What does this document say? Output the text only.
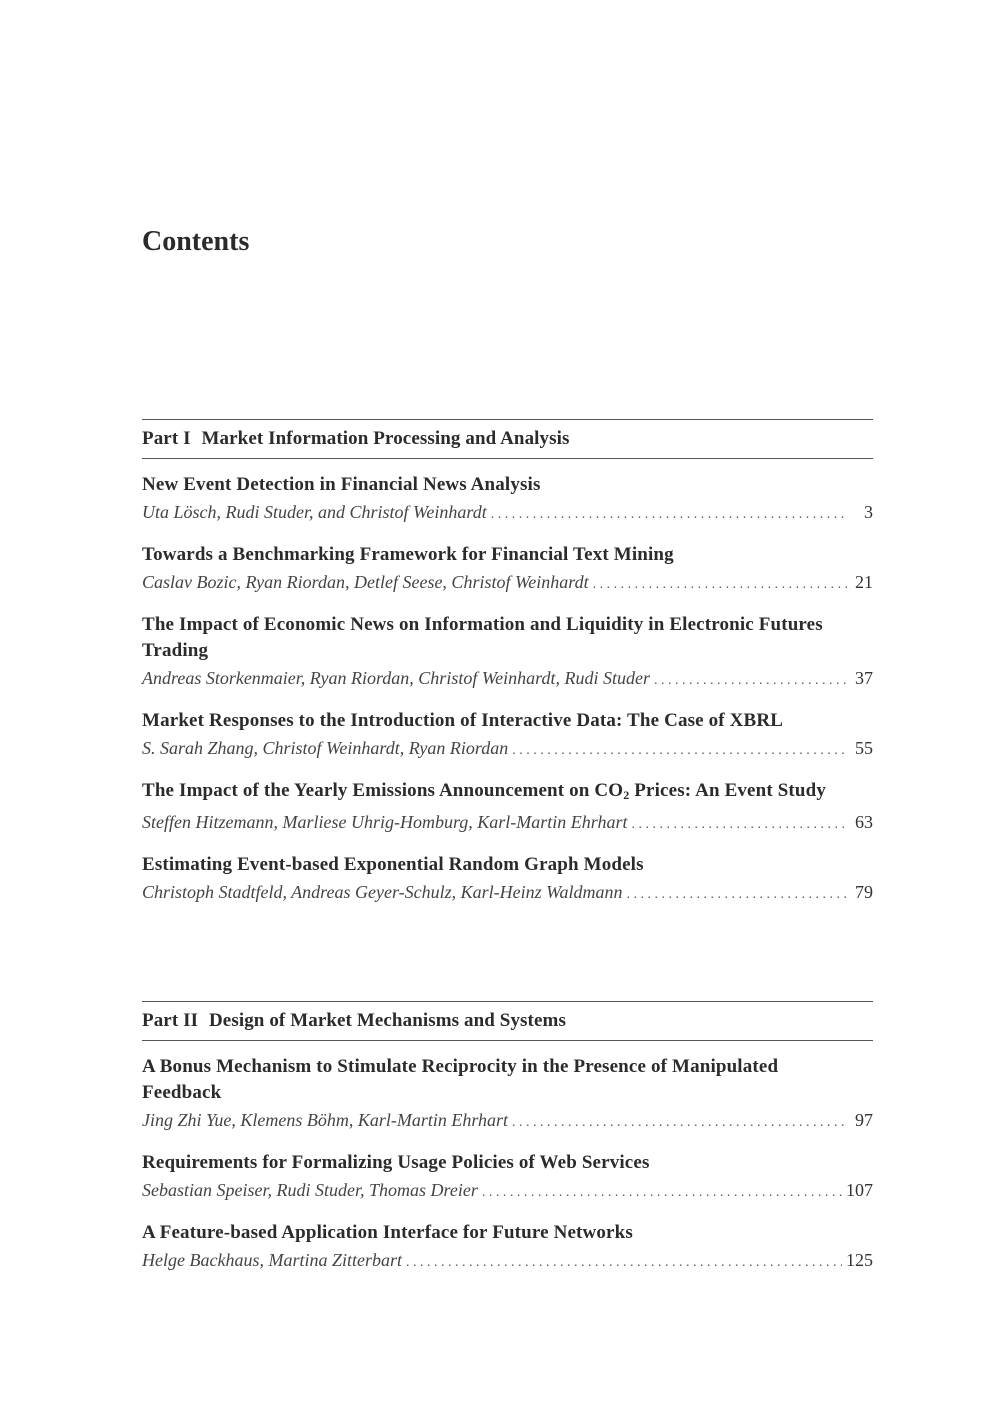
Contents
Part I Market Information Processing and Analysis
New Event Detection in Financial News Analysis
Uta Lösch, Rudi Studer, and Christof Weinhardt . . .	3
Towards a Benchmarking Framework for Financial Text Mining
Caslav Bozic, Ryan Riordan, Detlef Seese, Christof Weinhardt . . .	21
The Impact of Economic News on Information and Liquidity in Electronic Futures Trading
Andreas Storkenmaier, Ryan Riordan, Christof Weinhardt, Rudi Studer . . .	37
Market Responses to the Introduction of Interactive Data: The Case of XBRL
S. Sarah Zhang, Christof Weinhardt, Ryan Riordan . . .	55
The Impact of the Yearly Emissions Announcement on $CO_2$ Prices: An Event Study
Steffen Hitzemann, Marliese Uhrig-Homburg, Karl-Martin Ehrhart . . .	63
Estimating Event-based Exponential Random Graph Models
Christoph Stadtfeld, Andreas Geyer-Schulz, Karl-Heinz Waldmann . . .	79
Part II Design of Market Mechanisms and Systems
A Bonus Mechanism to Stimulate Reciprocity in the Presence of Manipulated Feedback
Jing Zhi Yue, Klemens Böhm, Karl-Martin Ehrhart . . .	97
Requirements for Formalizing Usage Policies of Web Services
Sebastian Speiser, Rudi Studer, Thomas Dreier . . .	107
A Feature-based Application Interface for Future Networks
Helge Backhaus, Martina Zitterbart . . .	125
